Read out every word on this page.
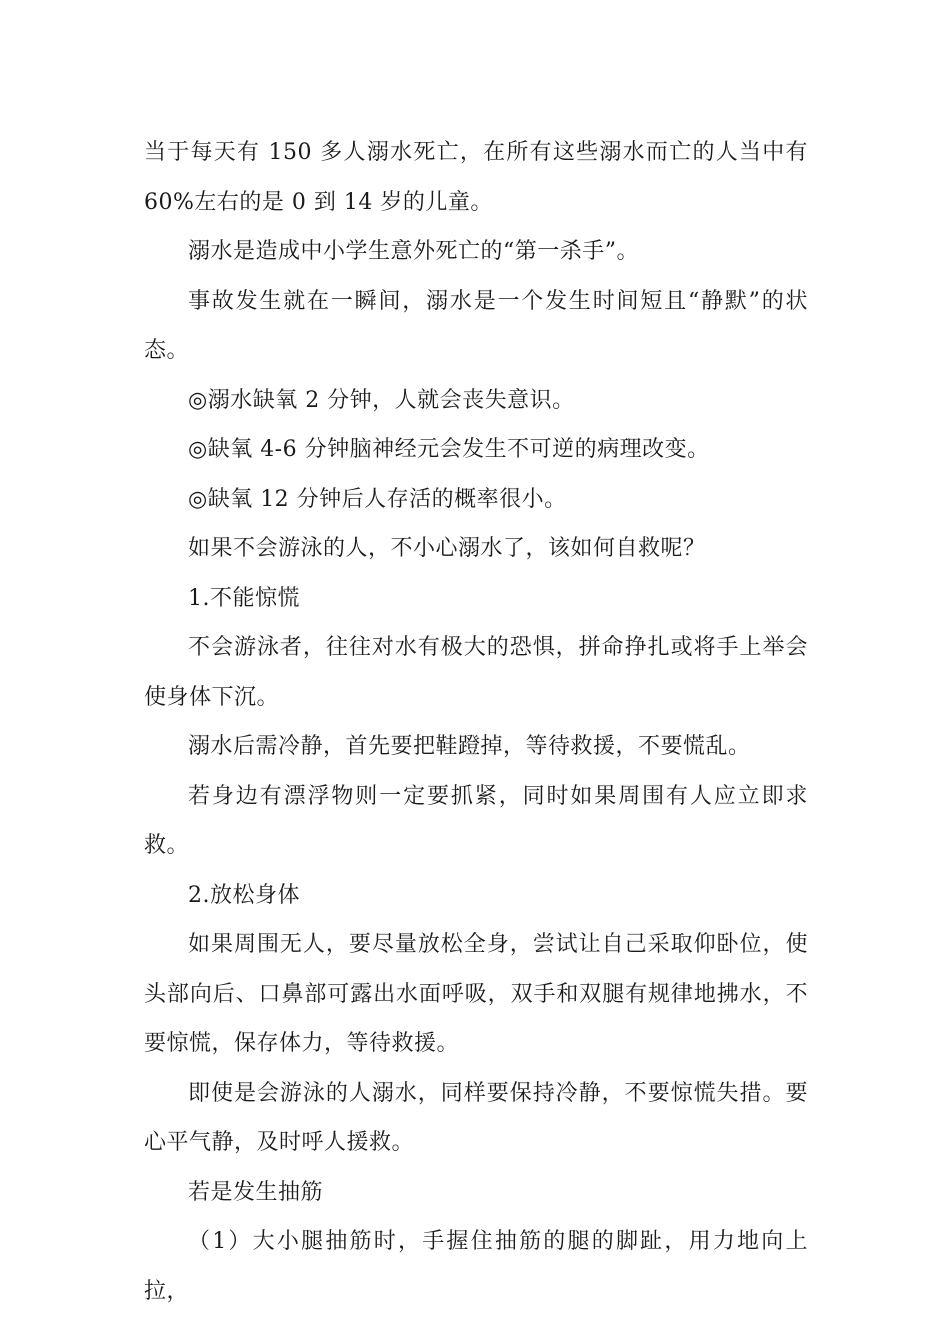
当于每天有 150 多人溺水死亡，在所有这些溺水而亡的人当中有 60%左右的是 0 到 14 岁的儿童。

溺水是造成中小学生意外死亡的“第一杀手”。

事故发生就在一瞬间，溺水是一个发生时间短且“静默”的状态。

◎溺水缺氧 2 分钟，人就会丧失意识。

◎缺氧 4-6 分钟脑神经元会发生不可逆的病理改变。

◎缺氧 12 分钟后人存活的概率很小。

如果不会游泳的人，不小心溺水了，该如何自救呢？

1.不能惊慌

不会游泳者，往往对水有极大的恐惧，拼命挣扎或将手上举会使身体下沉。

溺水后需冷静，首先要把鞋蹬掉，等待救援，不要慌乱。

若身边有漂浮物则一定要抓紧，同时如果周围有人应立即求救。

2.放松身体

如果周围无人，要尽量放松全身，尝试让自己采取仰卧位，使头部向后、口鼻部可露出水面呼吸，双手和双腿有规律地拂水，不要惊慌，保存体力，等待救援。

即使是会游泳的人溺水，同样要保持冷静，不要惊慌失措。要心平气静，及时呼人援救。

若是发生抽筋

（1）大小腿抽筋时，手握住抽筋的腿的脚趾，用力地向上拉，
